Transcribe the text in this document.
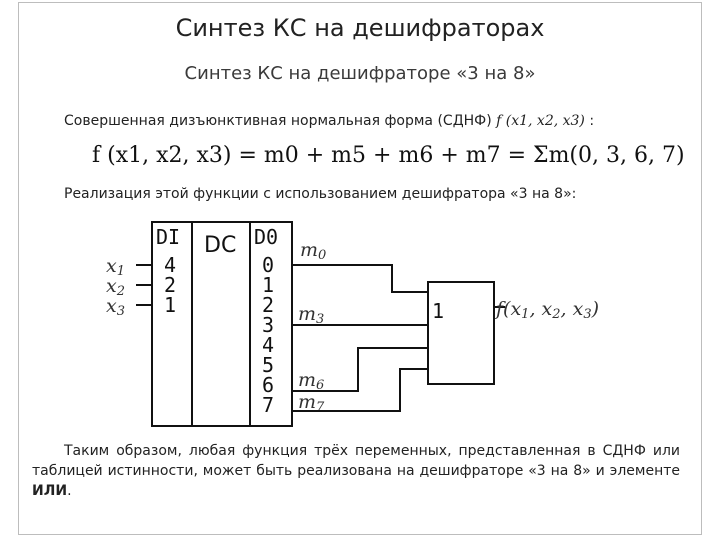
Синтез КС на дешифраторах
Синтез КС на дешифраторе «3 на 8»
Совершенная дизъюнктивная нормальная форма (СДНФ) f (x1, x2, x3) :
f (x1, x2, x3) = m0 + m5 + m6 + m7 = Σm(0, 3, 6, 7)
Реализация этой функции с использованием дешифратора «3 на 8»:
DI DC D0
4
2
1
x1
x2
x3
0
1
2
3
4
5
6
7
m0
m3
m6
m7
1	f(x1, x2, x3)
Таким образом, любая функция трёх переменных, представленная в СДНФ или таблицей истинности, может быть реализована на дешифраторе «3 на 8» и элементе ИЛИ.
